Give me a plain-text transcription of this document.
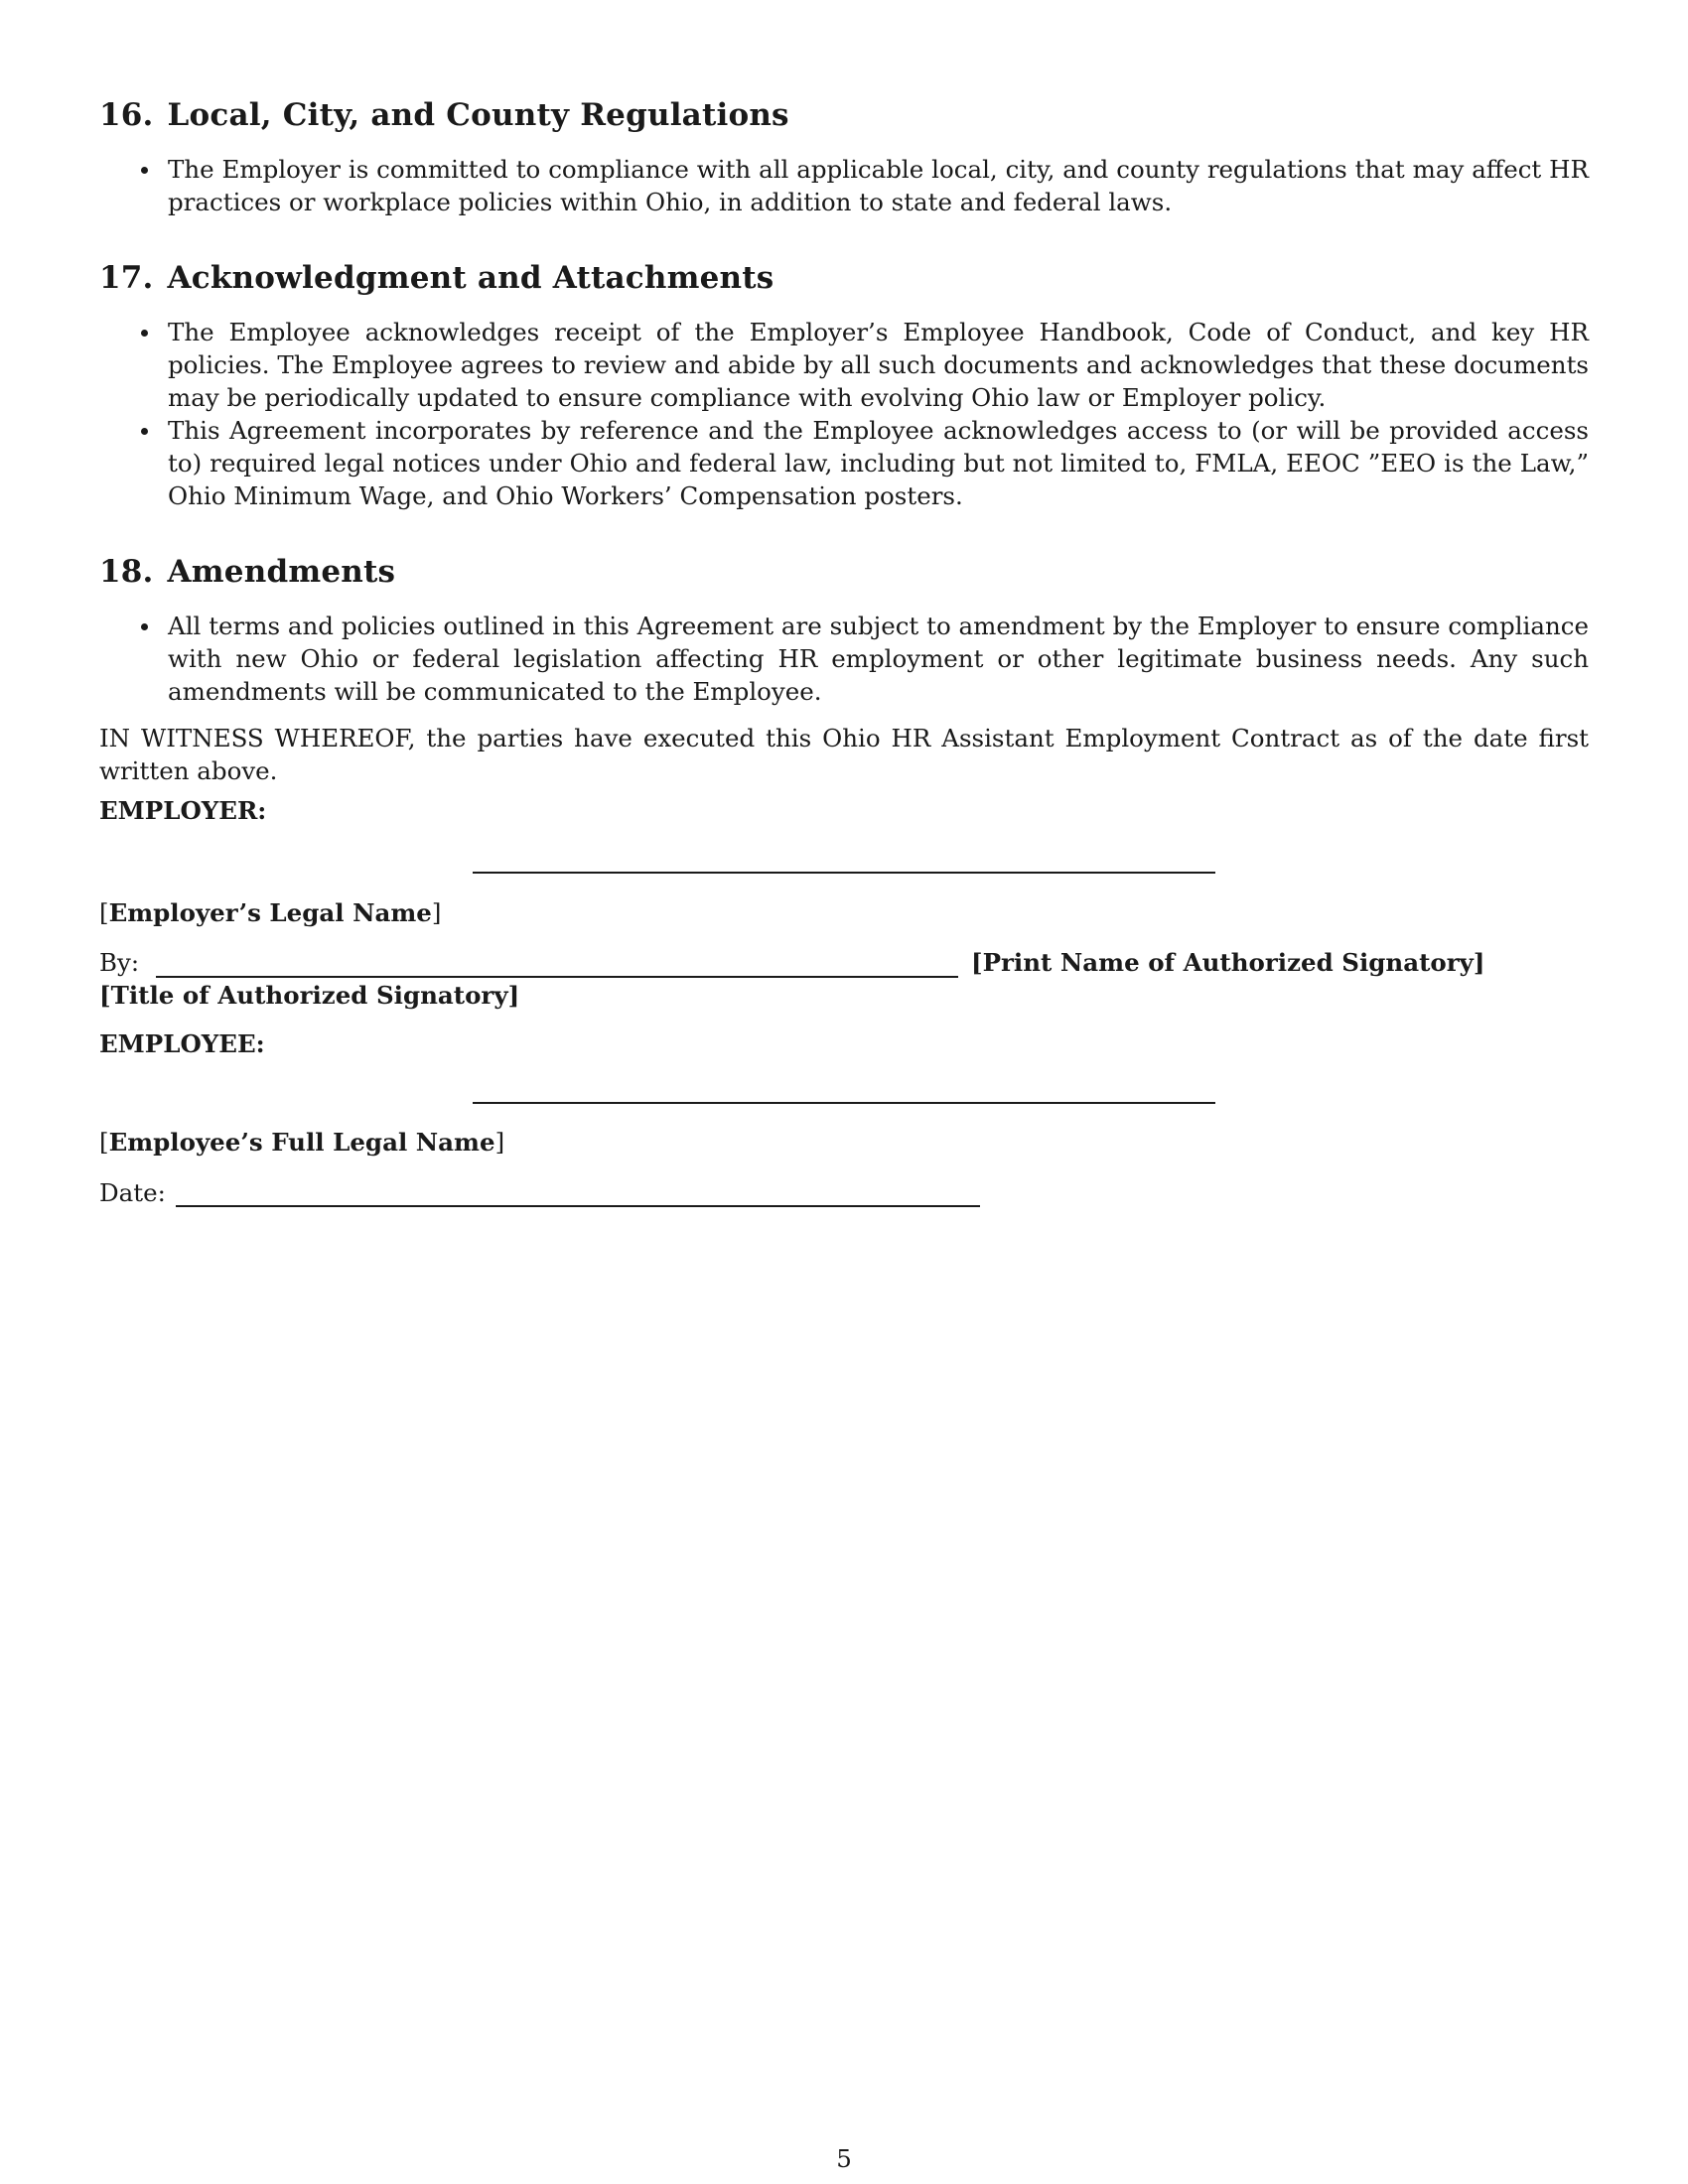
16. Local, City, and County Regulations
The Employer is committed to compliance with all applicable local, city, and county regulations that may affect HR practices or workplace policies within Ohio, in addition to state and federal laws.
17. Acknowledgment and Attachments
The Employee acknowledges receipt of the Employer’s Employee Handbook, Code of Conduct, and key HR policies. The Employee agrees to review and abide by all such documents and acknowledges that these documents may be periodically updated to ensure compliance with evolving Ohio law or Employer policy.
This Agreement incorporates by reference and the Employee acknowledges access to (or will be provided access to) required legal notices under Ohio and federal law, including but not limited to, FMLA, EEOC ”EEO is the Law,” Ohio Minimum Wage, and Ohio Workers’ Compensation posters.
18. Amendments
All terms and policies outlined in this Agreement are subject to amendment by the Employer to ensure compliance with new Ohio or federal legislation affecting HR employment or other legitimate business needs. Any such amendments will be communicated to the Employee.

IN WITNESS WHEREOF, the parties have executed this Ohio HR Assistant Employment Contract as of the date first written above.

EMPLOYER:
[Employer’s Legal Name]
By:	[Print Name of Authorized Signatory]
[Title of Authorized Signatory]
EMPLOYEE:
[Employee’s Full Legal Name]
Date:
5
